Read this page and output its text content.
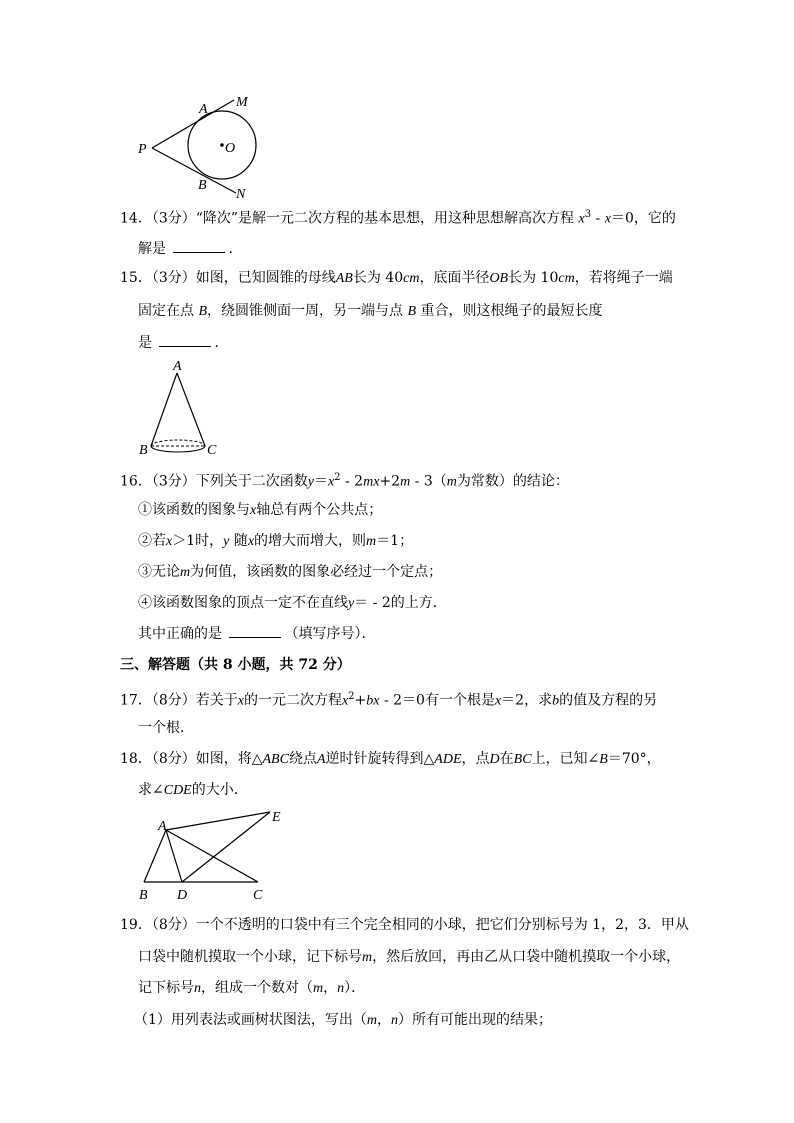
A M
P	O
B
N
A
B	C
A
E
B D	C
14．（3分）“降次”是解一元二次方程的基本思想，用这种思想解高次方程 $x^3 - x=0$，它的
解是	．
15．（3分）如图，已知圆锥的母线AB长为 40cm，底面半径OB长为 10cm，若将绳子一端
固定在点 B，绕圆锥侧面一周，另一端与点 B 重合，则这根绳子的最短长度
是	．
16．（3分）下列关于二次函数$y=x^2 - 2mx+2m - 3(m$为常数）的结论：
①该函数的图象与x轴总有两个公共点；
②若x＞1时，y 随x的增大而增大，则m＝1；
③无论m为何值，该函数的图象必经过一个定点；
④该函数图象的顶点一定不在直线y＝ - 2的上方．
其中正确的是	（填写序号）．
三、解答题（共 8 小题，共 72 分）
17．（8分）若关于x的一元二次方程$x^2+bx - 2=0$有一个根是x＝2，求b的值及方程的另
一个根．
18．（8分）如图，将△ABC绕点A逆时针旋转得到△ADE，点D在BC上，已知∠B＝70°，
求∠CDE的大小．
19．（8分）一个不透明的口袋中有三个完全相同的小球，把它们分别标号为 1，2，3．甲从
口袋中随机摸取一个小球，记下标号m，然后放回，再由乙从口袋中随机摸取一个小球，
记下标号n，组成一个数对（m，n）．
（1）用列表法或画树状图法，写出（m，n）所有可能出现的结果；
